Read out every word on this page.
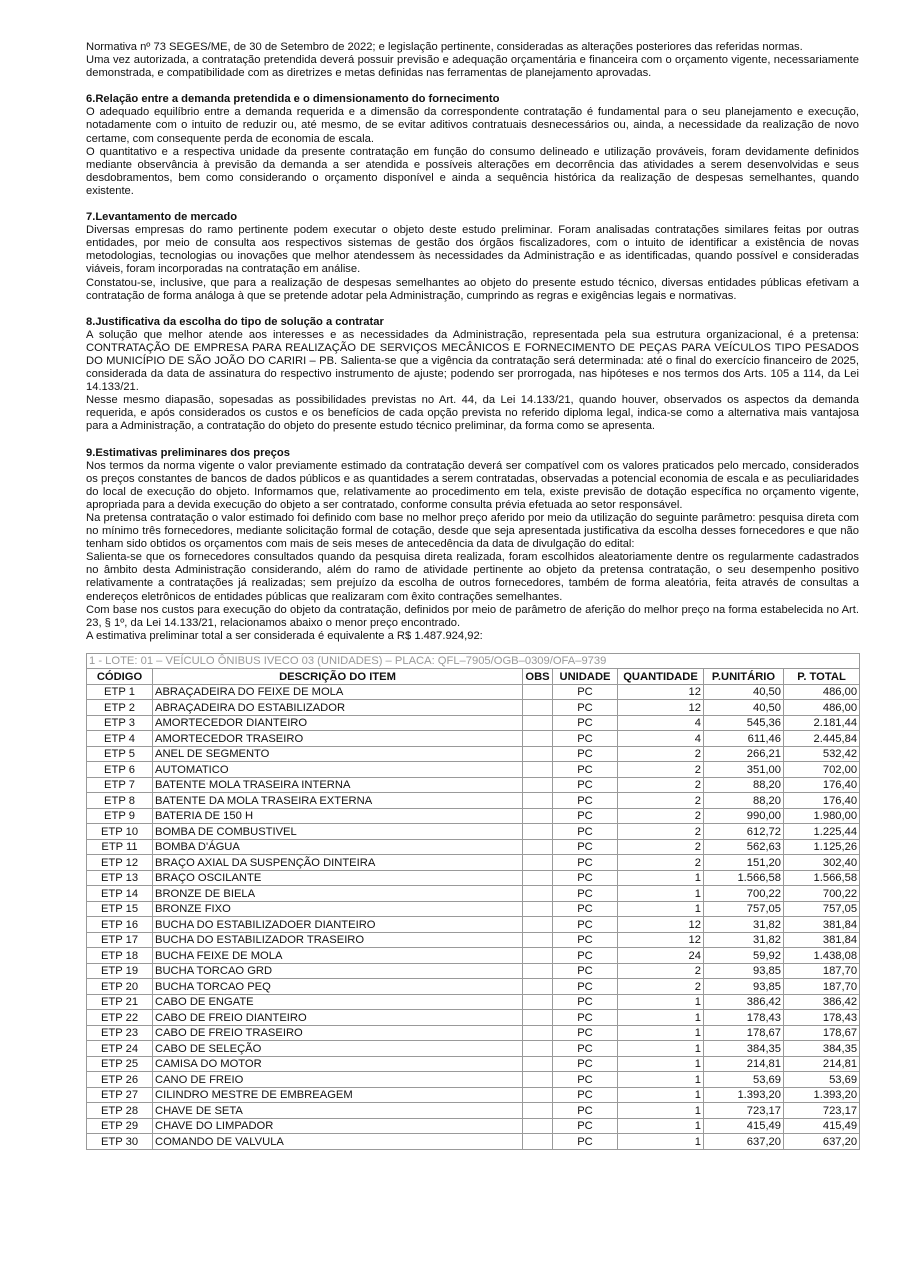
Normativa nº 73 SEGES/ME, de 30 de Setembro de 2022; e legislação pertinente, consideradas as alterações posteriores das referidas normas.

Uma vez autorizada, a contratação pretendida deverá possuir previsão e adequação orçamentária e financeira com o orçamento vigente, necessariamente demonstrada, e compatibilidade com as diretrizes e metas definidas nas ferramentas de planejamento aprovadas.

6.Relação entre a demanda pretendida e o dimensionamento do fornecimento

O adequado equilíbrio entre a demanda requerida e a dimensão da correspondente contratação é fundamental para o seu planejamento e execução, notadamente com o intuito de reduzir ou, até mesmo, de se evitar aditivos contratuais desnecessários ou, ainda, a necessidade da realização de novo certame, com consequente perda de economia de escala.

O quantitativo e a respectiva unidade da presente contratação em função do consumo delineado e utilização prováveis, foram devidamente definidos mediante observância à previsão da demanda a ser atendida e possíveis alterações em decorrência das atividades a serem desenvolvidas e seus desdobramentos, bem como considerando o orçamento disponível e ainda a sequência histórica da realização de despesas semelhantes, quando existente.

7.Levantamento de mercado

Diversas empresas do ramo pertinente podem executar o objeto deste estudo preliminar. Foram analisadas contratações similares feitas por outras entidades, por meio de consulta aos respectivos sistemas de gestão dos órgãos fiscalizadores, com o intuito de identificar a existência de novas metodologias, tecnologias ou inovações que melhor atendessem às necessidades da Administração e as identificadas, quando possível e consideradas viáveis, foram incorporadas na contratação em análise.

Constatou-se, inclusive, que para a realização de despesas semelhantes ao objeto do presente estudo técnico, diversas entidades públicas efetivam a contratação de forma análoga à que se pretende adotar pela Administração, cumprindo as regras e exigências legais e normativas.

8.Justificativa da escolha do tipo de solução a contratar

A solução que melhor atende aos interesses e as necessidades da Administração, representada pela sua estrutura organizacional, é a pretensa: CONTRATAÇÃO DE EMPRESA PARA REALIZAÇÃO DE SERVIÇOS MECÂNICOS E FORNECIMENTO DE PEÇAS PARA VEÍCULOS TIPO PESADOS DO MUNICÍPIO DE SÃO JOÃO DO CARIRI – PB. Salienta-se que a vigência da contratação será determinada: até o final do exercício financeiro de 2025, considerada da data de assinatura do respectivo instrumento de ajuste; podendo ser prorrogada, nas hipóteses e nos termos dos Arts. 105 a 114, da Lei 14.133/21.

Nesse mesmo diapasão, sopesadas as possibilidades previstas no Art. 44, da Lei 14.133/21, quando houver, observados os aspectos da demanda requerida, e após considerados os custos e os benefícios de cada opção prevista no referido diploma legal, indica-se como a alternativa mais vantajosa para a Administração, a contratação do objeto do presente estudo técnico preliminar, da forma como se apresenta.

9.Estimativas preliminares dos preços

Nos termos da norma vigente o valor previamente estimado da contratação deverá ser compatível com os valores praticados pelo mercado, considerados os preços constantes de bancos de dados públicos e as quantidades a serem contratadas, observadas a potencial economia de escala e as peculiaridades do local de execução do objeto. Informamos que, relativamente ao procedimento em tela, existe previsão de dotação específica no orçamento vigente, apropriada para a devida execução do objeto a ser contratado, conforme consulta prévia efetuada ao setor responsável.

Na pretensa contratação o valor estimado foi definido com base no melhor preço aferido por meio da utilização do seguinte parâmetro: pesquisa direta com no mínimo três fornecedores, mediante solicitação formal de cotação, desde que seja apresentada justificativa da escolha desses fornecedores e que não tenham sido obtidos os orçamentos com mais de seis meses de antecedência da data de divulgação do edital:

Salienta-se que os fornecedores consultados quando da pesquisa direta realizada, foram escolhidos aleatoriamente dentre os regularmente cadastrados no âmbito desta Administração considerando, além do ramo de atividade pertinente ao objeto da pretensa contratação, o seu desempenho positivo relativamente a contratações já realizadas; sem prejuízo da escolha de outros fornecedores, também de forma aleatória, feita através de consultas a endereços eletrônicos de entidades públicas que realizaram com êxito contrações semelhantes.

Com base nos custos para execução do objeto da contratação, definidos por meio de parâmetro de aferição do melhor preço na forma estabelecida no Art. 23, § 1º, da Lei 14.133/21, relacionamos abaixo o menor preço encontrado.

A estimativa preliminar total a ser considerada é equivalente a R$ 1.487.924,92:

1 - LOTE: 01 – VEÍCULO ÔNIBUS IVECO 03 (UNIDADES) – PLACA: QFL–7905/OGB–0309/OFA–9739						
CÓDIGO	DESCRIÇÃO DO ITEM	OBS	UNIDADE	QUANTIDADE	P.UNITÁRIO	P. TOTAL
ETP 1	ABRAÇADEIRA DO FEIXE DE MOLA		PC	12	40,50	486,00
ETP 2	ABRAÇADEIRA DO ESTABILIZADOR		PC	12	40,50	486,00
ETP 3	AMORTECEDOR DIANTEIRO		PC	4	545,36	2.181,44
ETP 4	AMORTECEDOR TRASEIRO		PC	4	611,46	2.445,84
ETP 5	ANEL DE SEGMENTO		PC	2	266,21	532,42
ETP 6	AUTOMATICO		PC	2	351,00	702,00
ETP 7	BATENTE MOLA TRASEIRA INTERNA		PC	2	88,20	176,40
ETP 8	BATENTE DA MOLA TRASEIRA EXTERNA		PC	2	88,20	176,40
ETP 9	BATERIA DE 150 H		PC	2	990,00	1.980,00
ETP 10	BOMBA DE COMBUSTIVEL		PC	2	612,72	1.225,44
ETP 11	BOMBA D'ÁGUA		PC	2	562,63	1.125,26
ETP 12	BRAÇO AXIAL DA SUSPENÇÃO DINTEIRA		PC	2	151,20	302,40
ETP 13	BRAÇO OSCILANTE		PC	1	1.566,58	1.566,58
ETP 14	BRONZE DE BIELA		PC	1	700,22	700,22
ETP 15	BRONZE FIXO		PC	1	757,05	757,05
ETP 16	BUCHA DO ESTABILIZADOER DIANTEIRO		PC	12	31,82	381,84
ETP 17	BUCHA DO ESTABILIZADOR TRASEIRO		PC	12	31,82	381,84
ETP 18	BUCHA FEIXE DE MOLA		PC	24	59,92	1.438,08
ETP 19	BUCHA TORCAO GRD		PC	2	93,85	187,70
ETP 20	BUCHA TORCAO PEQ		PC	2	93,85	187,70
ETP 21	CABO DE ENGATE		PC	1	386,42	386,42
ETP 22	CABO DE FREIO DIANTEIRO		PC	1	178,43	178,43
ETP 23	CABO DE FREIO TRASEIRO		PC	1	178,67	178,67
ETP 24	CABO DE SELEÇÃO		PC	1	384,35	384,35
ETP 25	CAMISA DO MOTOR		PC	1	214,81	214,81
ETP 26	CANO DE FREIO		PC	1	53,69	53,69
ETP 27	CILINDRO MESTRE DE EMBREAGEM		PC	1	1.393,20	1.393,20
ETP 28	CHAVE DE SETA		PC	1	723,17	723,17
ETP 29	CHAVE DO LIMPADOR		PC	1	415,49	415,49
ETP 30	COMANDO DE VALVULA		PC	1	637,20	637,20
